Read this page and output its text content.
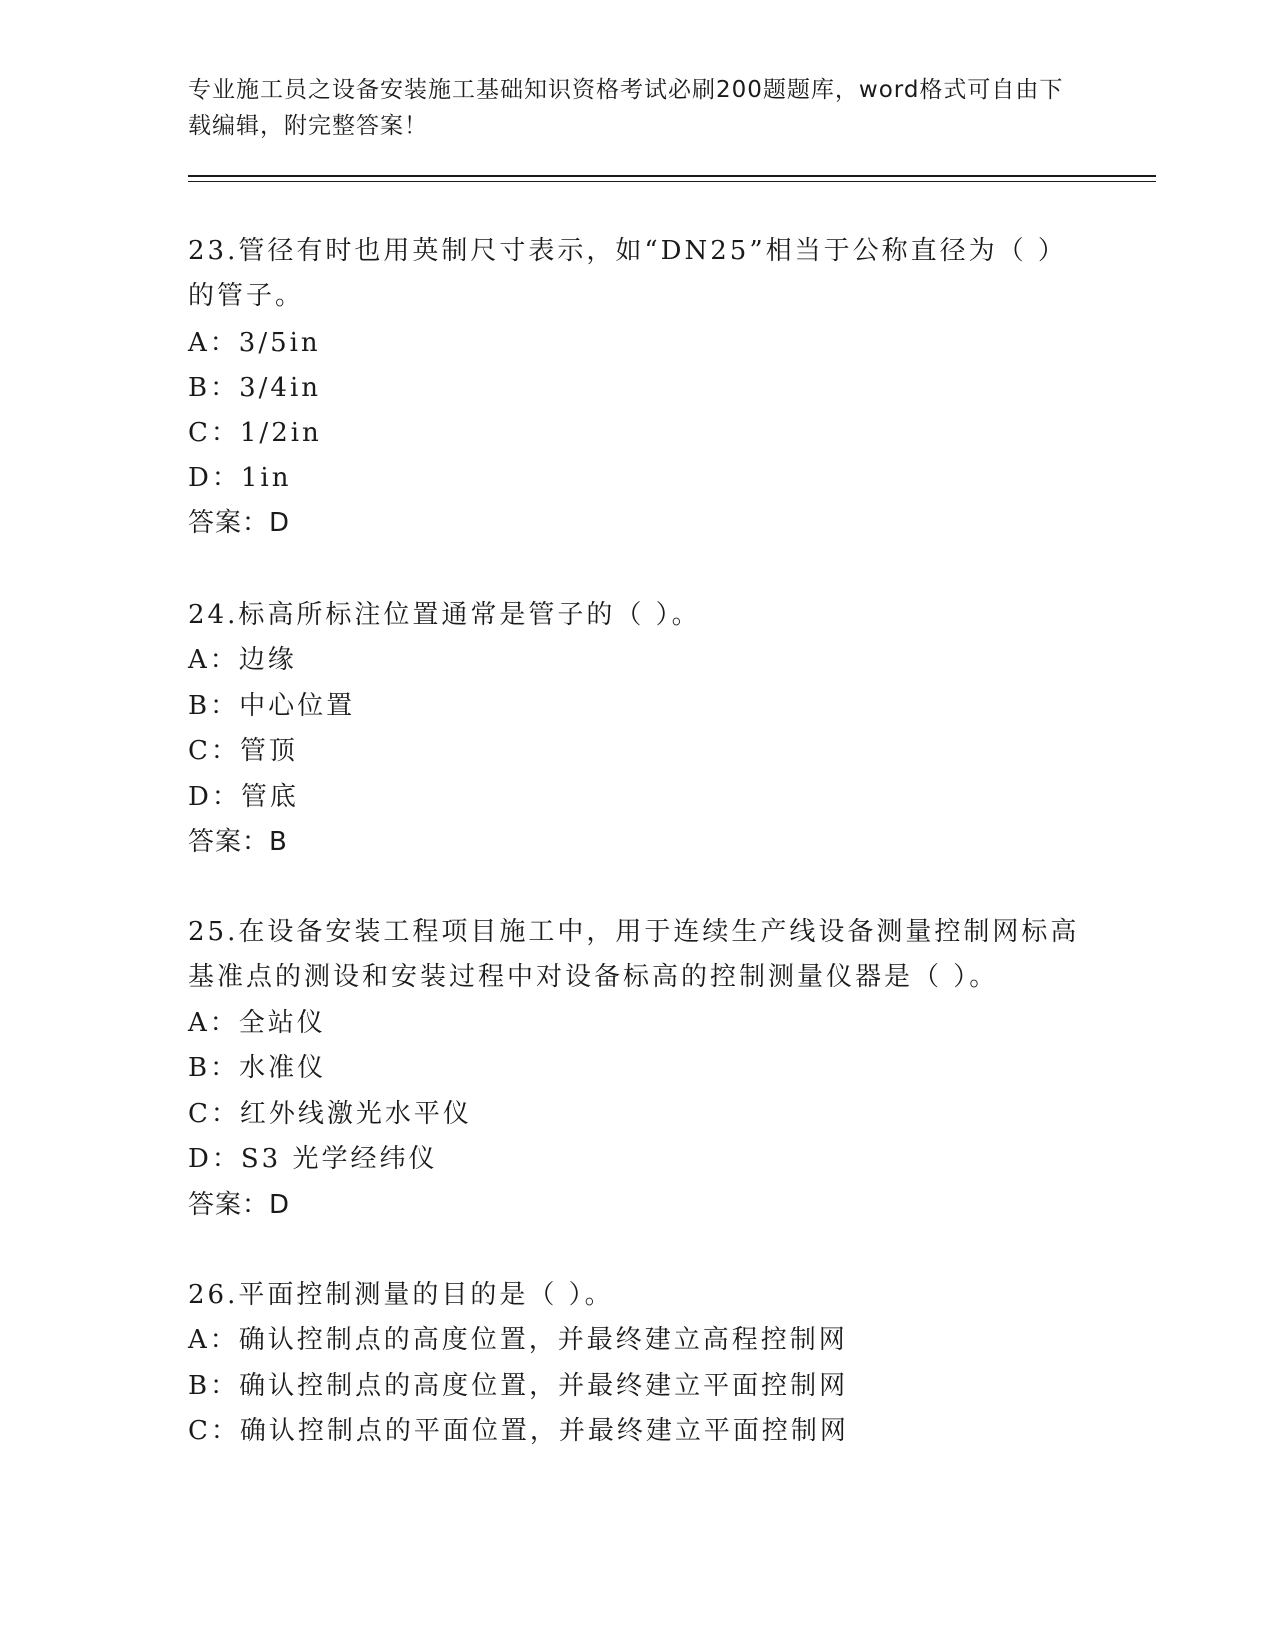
专业施工员之设备安装施工基础知识资格考试必刷200题题库，word格式可自由下载编辑，附完整答案！
23.管径有时也用英制尺寸表示，如“DN25”相当于公称直径为（ ）
的管子。
A：3/5in
B：3/4in
C：1/2in
D：1in
答案：D
24.标高所标注位置通常是管子的（ ）。
A：边缘
B：中心位置
C：管顶
D：管底
答案：B
25.在设备安装工程项目施工中，用于连续生产线设备测量控制网标高
基准点的测设和安装过程中对设备标高的控制测量仪器是（ ）。
A：全站仪
B：水准仪
C：红外线激光水平仪
D：S3 光学经纬仪
答案：D
26.平面控制测量的目的是（ ）。
A：确认控制点的高度位置，并最终建立高程控制网
B：确认控制点的高度位置，并最终建立平面控制网
C：确认控制点的平面位置，并最终建立平面控制网
